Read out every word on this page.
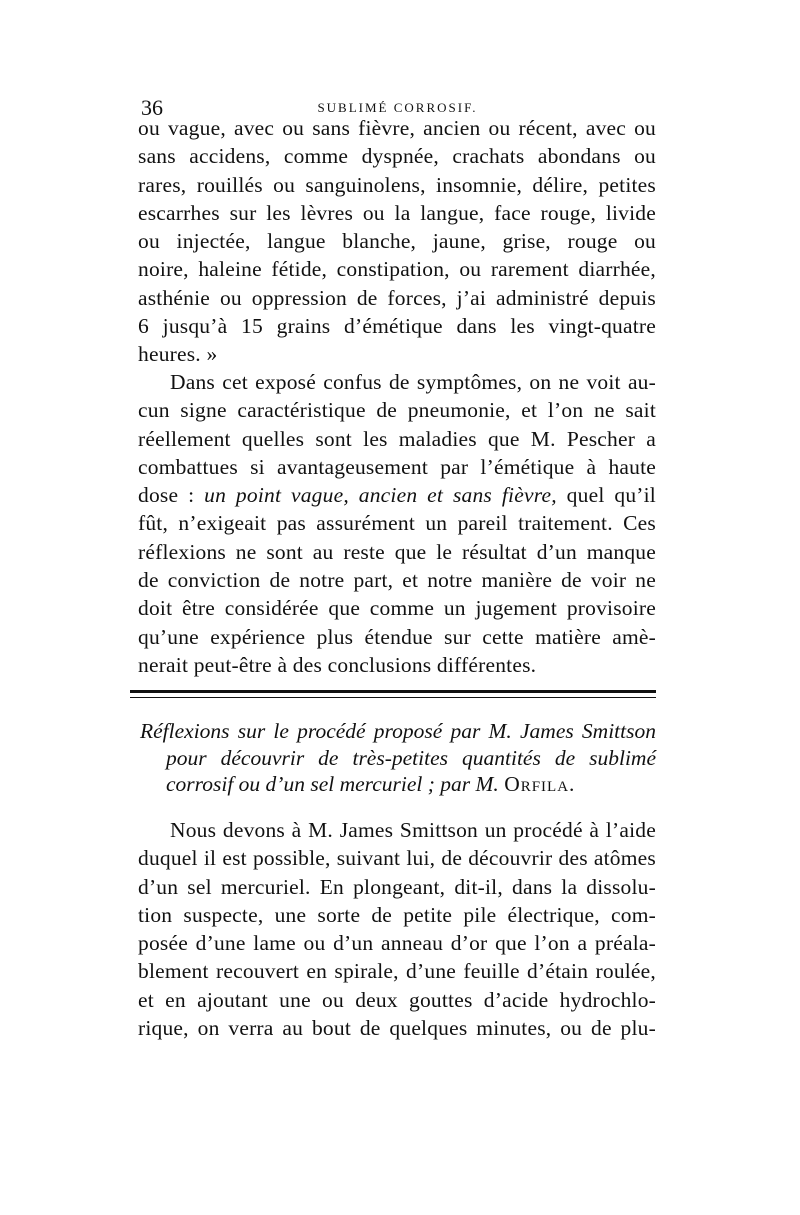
36	SUBLIMÉ CORROSIF.
ou vague, avec ou sans fièvre, ancien ou récent, avec ou
sans accidens, comme dyspnée, crachats abondans ou
rares, rouillés ou sanguinolens, insomnie, délire, petites
escarrhes sur les lèvres ou la langue, face rouge, livide
ou injectée, langue blanche, jaune, grise, rouge ou
noire, haleine fétide, constipation, ou rarement diarrhée,
asthénie ou oppression de forces, j’ai administré depuis
6 jusqu’à 15 grains d’émétique dans les vingt-quatre
heures. »
Dans cet exposé confus de symptômes, on ne voit au-
cun signe caractéristique de pneumonie, et l’on ne sait
réellement quelles sont les maladies que M. Pescher a
combattues si avantageusement par l’émétique à haute
dose : un point vague, ancien et sans fièvre, quel qu’il
fût, n’exigeait pas assurément un pareil traitement. Ces
réflexions ne sont au reste que le résultat d’un manque
de conviction de notre part, et notre manière de voir ne
doit être considérée que comme un jugement provisoire
qu’une expérience plus étendue sur cette matière amè-
nerait peut-être à des conclusions différentes.
Réflexions sur le procédé proposé par M. James Smittson
pour découvrir de très-petites quantités de sublimé
corrosif ou d’un sel mercuriel ; par M. Orfila.
Nous devons à M. James Smittson un procédé à l’aide
duquel il est possible, suivant lui, de découvrir des atômes
d’un sel mercuriel. En plongeant, dit-il, dans la dissolu-
tion suspecte, une sorte de petite pile électrique, com-
posée d’une lame ou d’un anneau d’or que l’on a préala-
blement recouvert en spirale, d’une feuille d’étain roulée,
et en ajoutant une ou deux gouttes d’acide hydrochlo-
rique, on verra au bout de quelques minutes, ou de plu-
